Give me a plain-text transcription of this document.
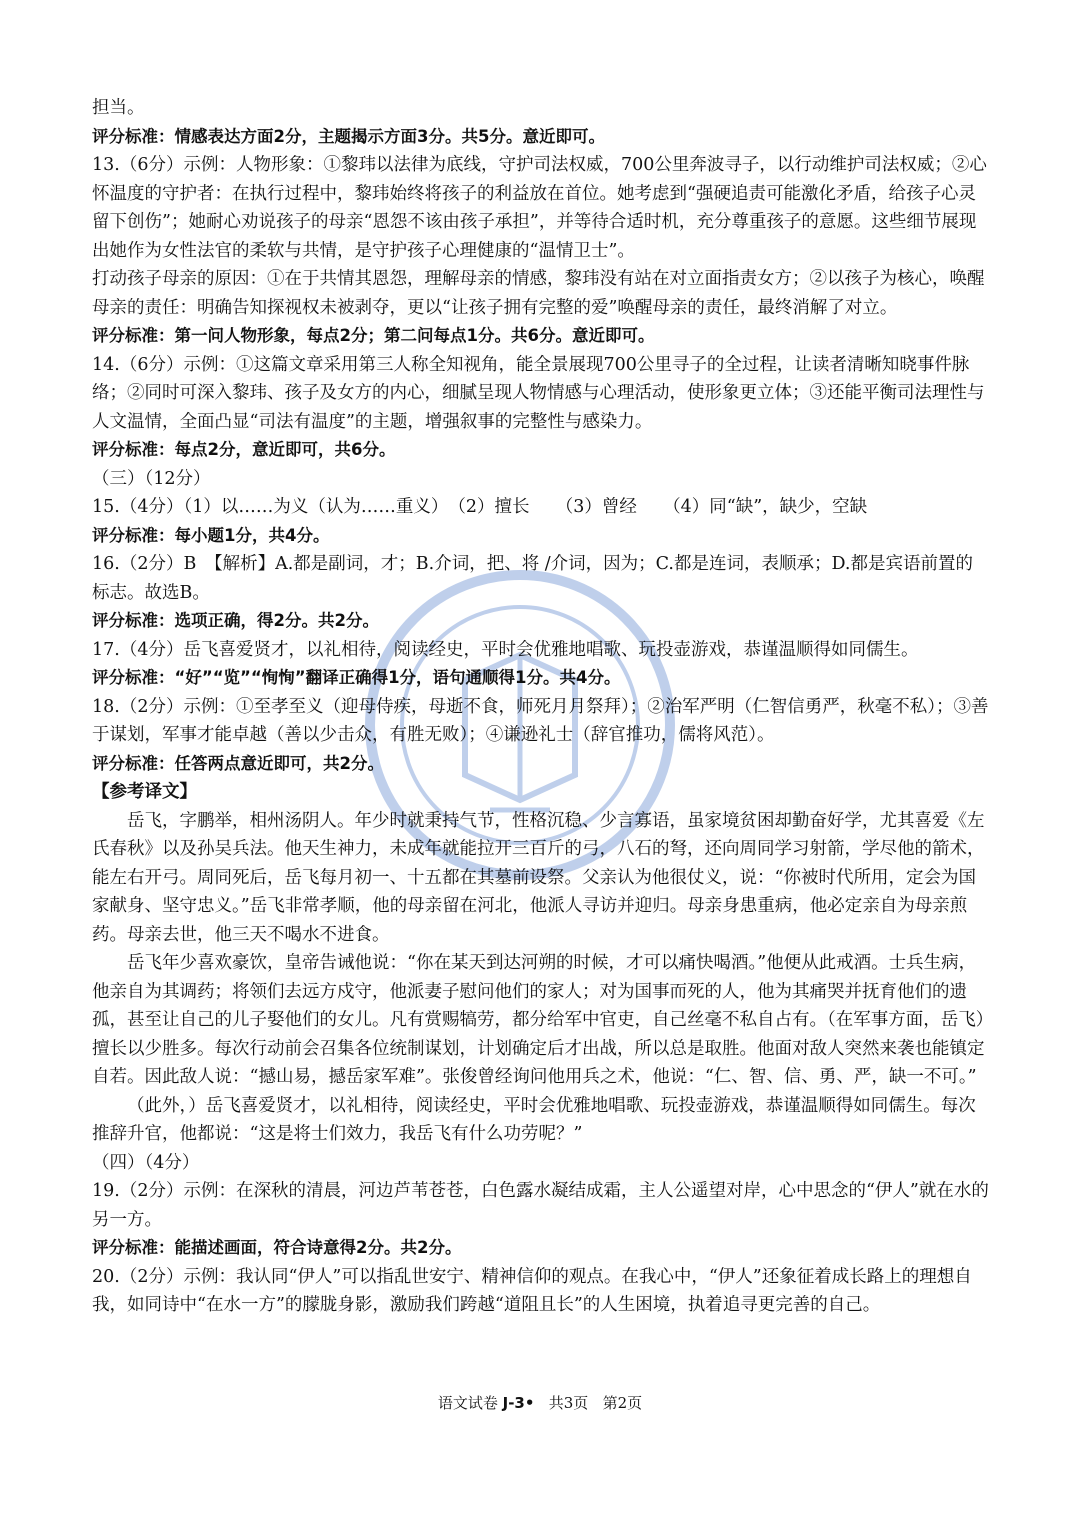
担当。

评分标准：情感表达方面2分，主题揭示方面3分。共5分。意近即可。

13.（6分）示例：人物形象：①黎玮以法律为底线，守护司法权威，700公里奔波寻子，以行动维护司法权威；②心怀温度的守护者：在执行过程中，黎玮始终将孩子的利益放在首位。她考虑到“强硬追责可能激化矛盾，给孩子心灵留下创伤”；她耐心劝说孩子的母亲“恩怨不该由孩子承担”，并等待合适时机，充分尊重孩子的意愿。这些细节展现出她作为女性法官的柔软与共情，是守护孩子心理健康的“温情卫士”。

打动孩子母亲的原因：①在于共情其恩怨，理解母亲的情感，黎玮没有站在对立面指责女方；②以孩子为核心，唤醒母亲的责任：明确告知探视权未被剥夺，更以“让孩子拥有完整的爱”唤醒母亲的责任，最终消解了对立。

评分标准：第一问人物形象，每点2分；第二问每点1分。共6分。意近即可。

14.（6分）示例：①这篇文章采用第三人称全知视角，能全景展现700公里寻子的全过程，让读者清晰知晓事件脉络；②同时可深入黎玮、孩子及女方的内心，细腻呈现人物情感与心理活动，使形象更立体；③还能平衡司法理性与人文温情，全面凸显“司法有温度”的主题，增强叙事的完整性与感染力。

评分标准：每点2分，意近即可，共6分。

（三）（12分）

15.（4分）（1）以……为义（认为……重义）　（2）擅长　　（3）曾经　　（4）同“缺”，缺少，空缺

评分标准：每小题1分，共4分。

16.（2分）B　【解析】A.都是副词，才；B.介词，把、将 /介词，因为；C.都是连词，表顺承；D.都是宾语前置的标志。故选B。

评分标准：选项正确，得2分。共2分。

17.（4分）岳飞喜爱贤才，以礼相待，阅读经史，平时会优雅地唱歌、玩投壶游戏，恭谨温顺得如同儒生。

评分标准：“好”“览”“恂恂”翻译正确得1分，语句通顺得1分。共4分。

18.（2分）示例：①至孝至义（迎母侍疾，母逝不食，师死月月祭拜）；②治军严明（仁智信勇严，秋毫不私）；③善于谋划，军事才能卓越（善以少击众，有胜无败）；④谦逊礼士（辞官推功，儒将风范）。

评分标准：任答两点意近即可，共2分。

【参考译文】

岳飞，字鹏举，相州汤阴人。年少时就秉持气节，性格沉稳、少言寡语，虽家境贫困却勤奋好学，尤其喜爱《左氏春秋》以及孙吴兵法。他天生神力，未成年就能拉开三百斤的弓，八石的弩，还向周同学习射箭，学尽他的箭术，能左右开弓。周同死后，岳飞每月初一、十五都在其墓前设祭。父亲认为他很仗义，说：“你被时代所用，定会为国家献身、坚守忠义。”岳飞非常孝顺，他的母亲留在河北，他派人寻访并迎归。母亲身患重病，他必定亲自为母亲煎药。母亲去世，他三天不喝水不进食。

岳飞年少喜欢豪饮，皇帝告诫他说：“你在某天到达河朔的时候，才可以痛快喝酒。”他便从此戒酒。士兵生病，他亲自为其调药；将领们去远方戍守，他派妻子慰问他们的家人；对为国事而死的人，他为其痛哭并抚育他们的遗孤，甚至让自己的儿子娶他们的女儿。凡有赏赐犒劳，都分给军中官吏，自己丝毫不私自占有。（在军事方面，岳飞）擅长以少胜多。每次行动前会召集各位统制谋划，计划确定后才出战，所以总是取胜。他面对敌人突然来袭也能镇定自若。因此敌人说：“撼山易，撼岳家军难”。张俊曾经询问他用兵之术，他说：“仁、智、信、勇、严，缺一不可。”

（此外，）岳飞喜爱贤才，以礼相待，阅读经史，平时会优雅地唱歌、玩投壶游戏，恭谨温顺得如同儒生。每次推辞升官，他都说：“这是将士们效力，我岳飞有什么功劳呢？”

（四）（4分）

19.（2分）示例：在深秋的清晨，河边芦苇苍苍，白色露水凝结成霜，主人公遥望对岸，心中思念的“伊人”就在水的另一方。

评分标准：能描述画面，符合诗意得2分。共2分。

20.（2分）示例：我认同“伊人”可以指乱世安宁、精神信仰的观点。在我心中，“伊人”还象征着成长路上的理想自我，如同诗中“在水一方”的朦胧身影，激励我们跨越“道阻且长”的人生困境，执着追寻更完善的自己。

语文试卷 J-3• 共3页 第2页
